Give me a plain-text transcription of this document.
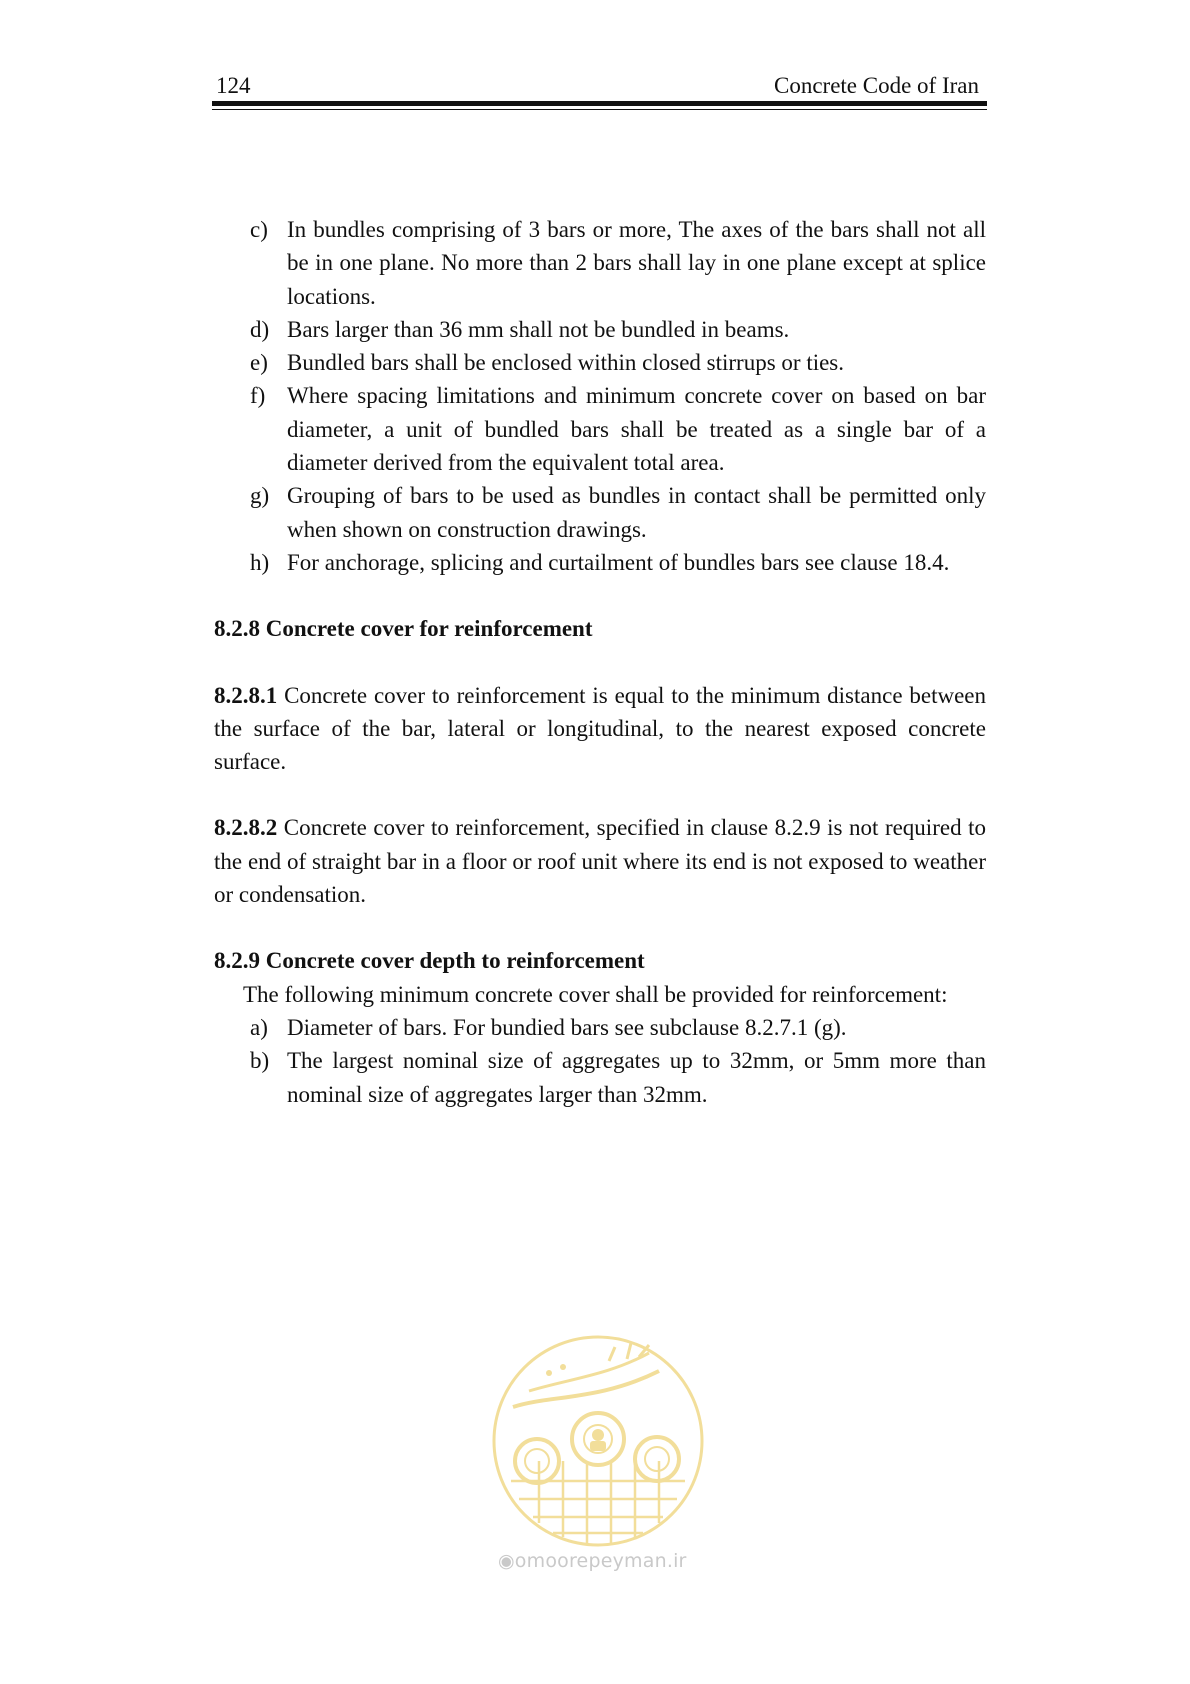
124	Concrete Code of Iran
c) In bundles comprising of 3 bars or more, The axes of the bars shall not all be in one plane. No more than 2 bars shall lay in one plane except at splice locations.
d) Bars larger than 36 mm shall not be bundled in beams.
e) Bundled bars shall be enclosed within closed stirrups or ties.
f) Where spacing limitations and minimum concrete cover on based on bar diameter, a unit of bundled bars shall be treated as a single bar of a diameter derived from the equivalent total area.
g) Grouping of bars to be used as bundles in contact shall be permitted only when shown on construction drawings.
h) For anchorage, splicing and curtailment of bundles bars see clause 18.4.

8.2.8 Concrete cover for reinforcement

8.2.8.1 Concrete cover to reinforcement is equal to the minimum distance between the surface of the bar, lateral or longitudinal, to the nearest exposed concrete surface.

8.2.8.2 Concrete cover to reinforcement, specified in clause 8.2.9 is not required to the end of straight bar in a floor or roof unit where its end is not exposed to weather or condensation.

8.2.9 Concrete cover depth to reinforcement

The following minimum concrete cover shall be provided for reinforcement:

a) Diameter of bars. For bundied bars see subclause 8.2.7.1 (g).
b) The largest nominal size of aggregates up to 32mm, or 5mm more than nominal size of aggregates larger than 32mm.
◉omoorepeyman.ir
